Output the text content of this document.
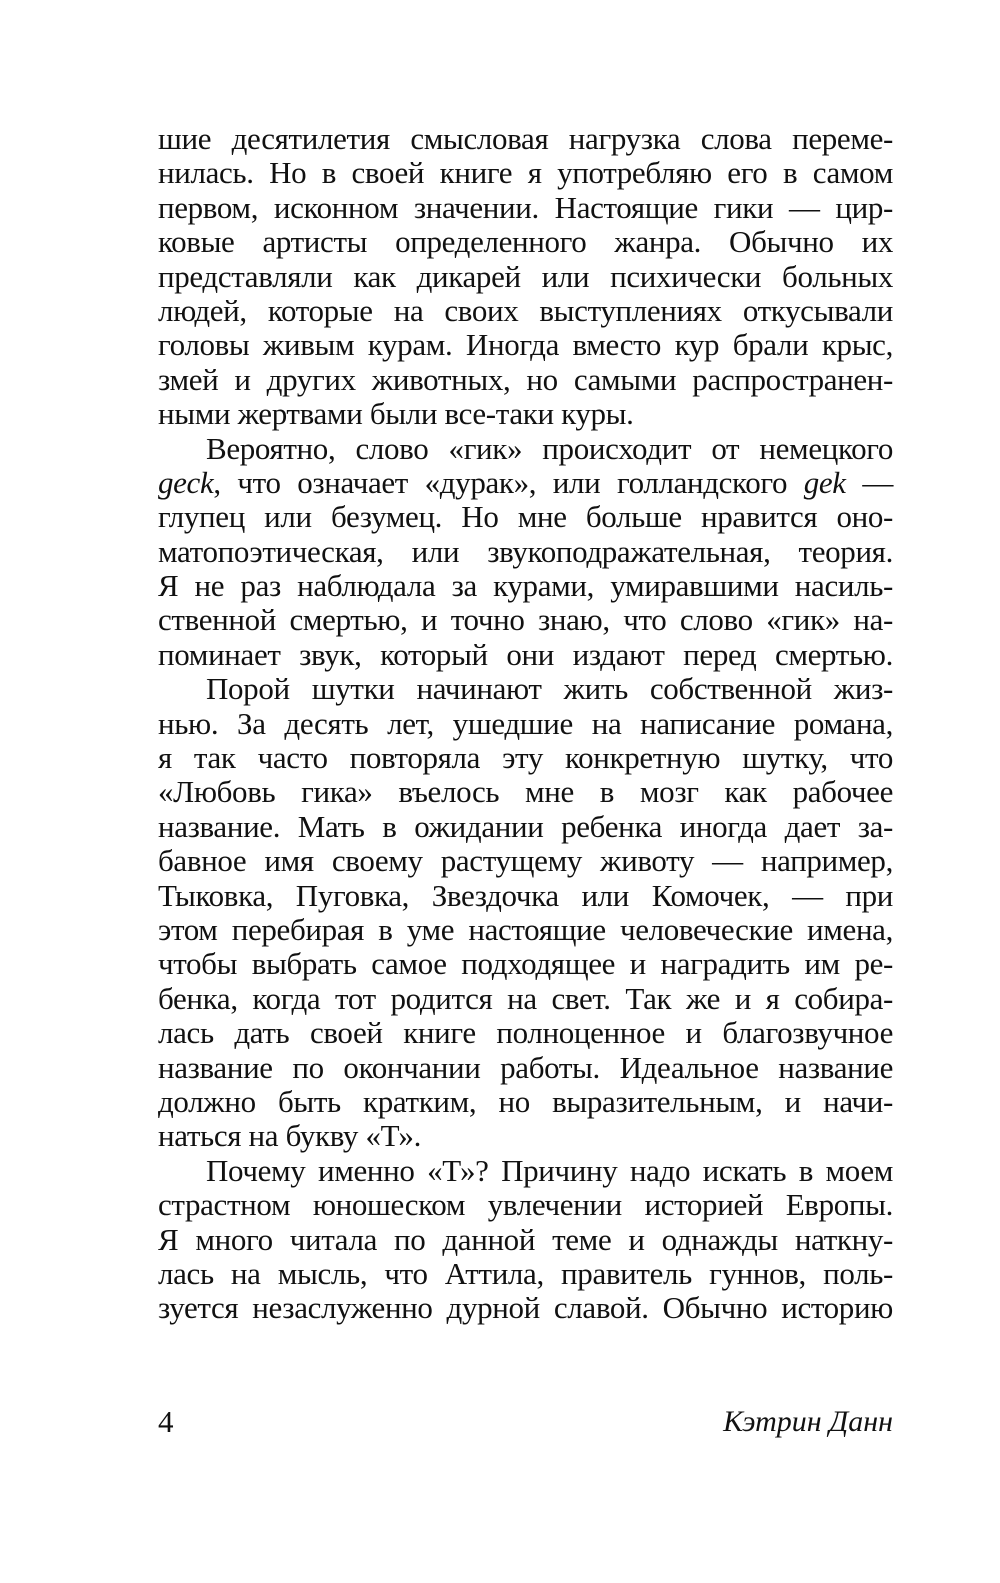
шие десятилетия смысловая нагрузка слова переме-
нилась. Но в своей книге я употребляю его в самом
первом, исконном значении. Настоящие гики — цир-
ковые артисты определенного жанра. Обычно их
представляли как дикарей или психически больных
людей, которые на своих выступлениях откусывали
головы живым курам. Иногда вместо кур брали крыс,
змей и других животных, но самыми распространен-
ными жертвами были все-таки куры.
Вероятно, слово «гик» происходит от немецкого
geck, что означает «дурак», или голландского gek —
глупец или безумец. Но мне больше нравится оно-
матопоэтическая, или звукоподражательная, теория.
Я не раз наблюдала за курами, умиравшими насиль-
ственной смертью, и точно знаю, что слово «гик» на-
поминает звук, который они издают перед смертью.
Порой шутки начинают жить собственной жиз-
нью. За десять лет, ушедшие на написание романа,
я так часто повторяла эту конкретную шутку, что
«Любовь гика» въелось мне в мозг как рабочее
название. Мать в ожидании ребенка иногда дает за-
бавное имя своему растущему животу — например,
Тыковка, Пуговка, Звездочка или Комочек, — при
этом перебирая в уме настоящие человеческие имена,
чтобы выбрать самое подходящее и наградить им ре-
бенка, когда тот родится на свет. Так же и я собира-
лась дать своей книге полноценное и благозвучное
название по окончании работы. Идеальное название
должно быть кратким, но выразительным, и начи-
наться на букву «Т».
Почему именно «Т»? Причину надо искать в моем
страстном юношеском увлечении историей Европы.
Я много читала по данной теме и однажды наткну-
лась на мысль, что Аттила, правитель гуннов, поль-
зуется незаслуженно дурной славой. Обычно историю
4	Кэтрин Данн
